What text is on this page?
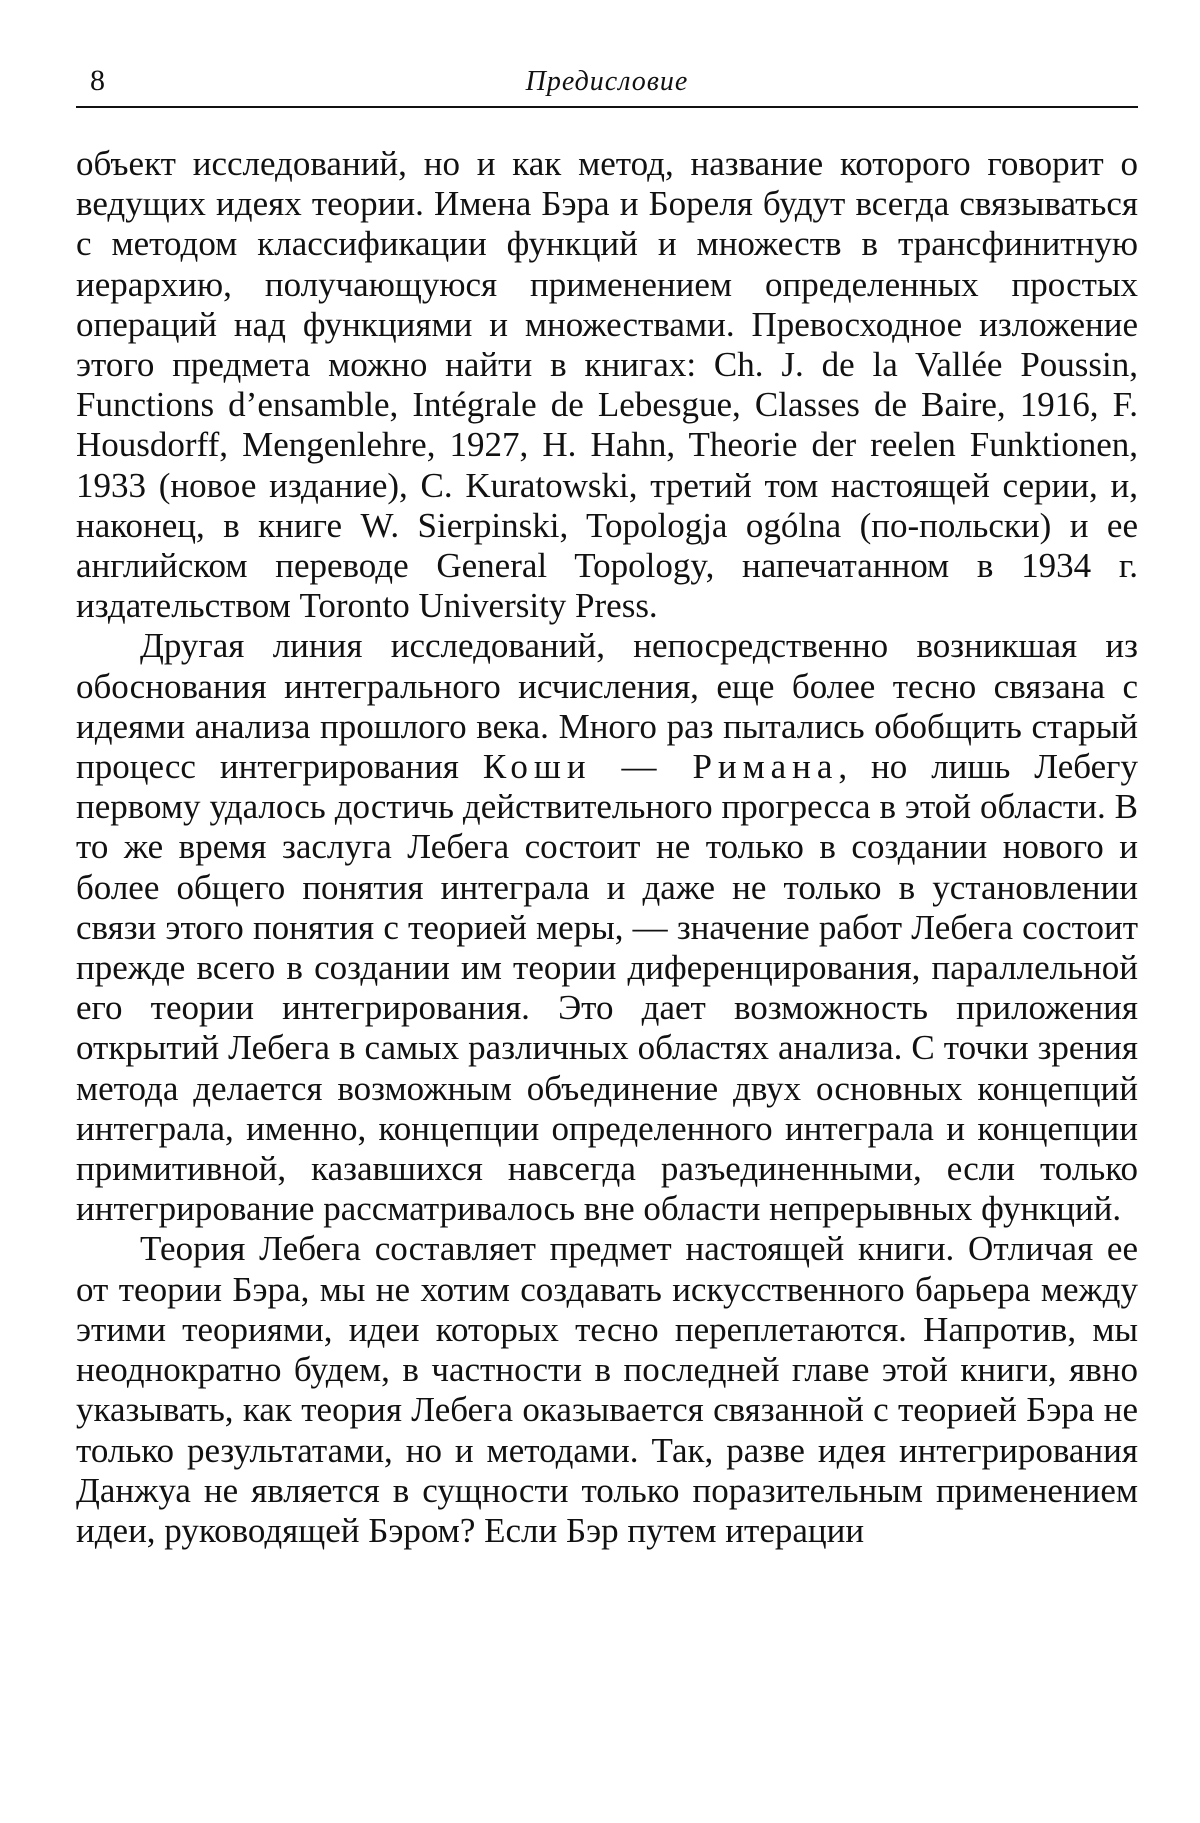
8	Предисловие

объект исследований, но и как метод, название которого говорит о ведущих идеях теории. Имена Бэра и Бореля будут всегда связываться с методом классификации функций и множеств в трансфинитную иерархию, получающуюся применением определенных простых операций над функциями и множествами. Превосходное изложение этого предмета можно найти в книгах: Ch. J. de la Vallée Poussin, Functions d’ensamble, Intégrale de Lebesgue, Classes de Baire, 1916, F. Housdorff, Mengenlehre, 1927, H. Hahn, Theorie der reelen Funktionen, 1933 (новое издание), C. Kuratowski, третий том настоящей серии, и, наконец, в книге W. Sierpinski, Topologja ogólna (по-польски) и ее английском переводе General Topology, напечатанном в 1934 г. издательством Toronto University Press.

Другая линия исследований, непосредственно возникшая из обоснования интегрального исчисления, еще более тесно связана с идеями анализа прошлого века. Много раз пытались обобщить старый процесс интегрирования Коши — Римана, но лишь Лебегу первому удалось достичь действительного прогресса в этой области. В то же время заслуга Лебега состоит не только в создании нового и более общего понятия интеграла и даже не только в установлении связи этого понятия с теорией меры, — значение работ Лебега состоит прежде всего в создании им теории диференцирования, параллельной его теории интегрирования. Это дает возможность приложения открытий Лебега в самых различных областях анализа. С точки зрения метода делается возможным объединение двух основных концепций интеграла, именно, концепции определенного интеграла и концепции примитивной, казавшихся навсегда разъединенными, если только интегрирование рассматривалось вне области непрерывных функций.

Теория Лебега составляет предмет настоящей книги. Отличая ее от теории Бэра, мы не хотим создавать искусственного барьера между этими теориями, идеи которых тесно переплетаются. Напротив, мы неоднократно будем, в частности в последней главе этой книги, явно указывать, как теория Лебега оказывается связанной с теорией Бэра не только результатами, но и методами. Так, разве идея интегрирования Данжуа не является в сущности только поразительным применением идеи, руководящей Бэром? Если Бэр путем итерации
